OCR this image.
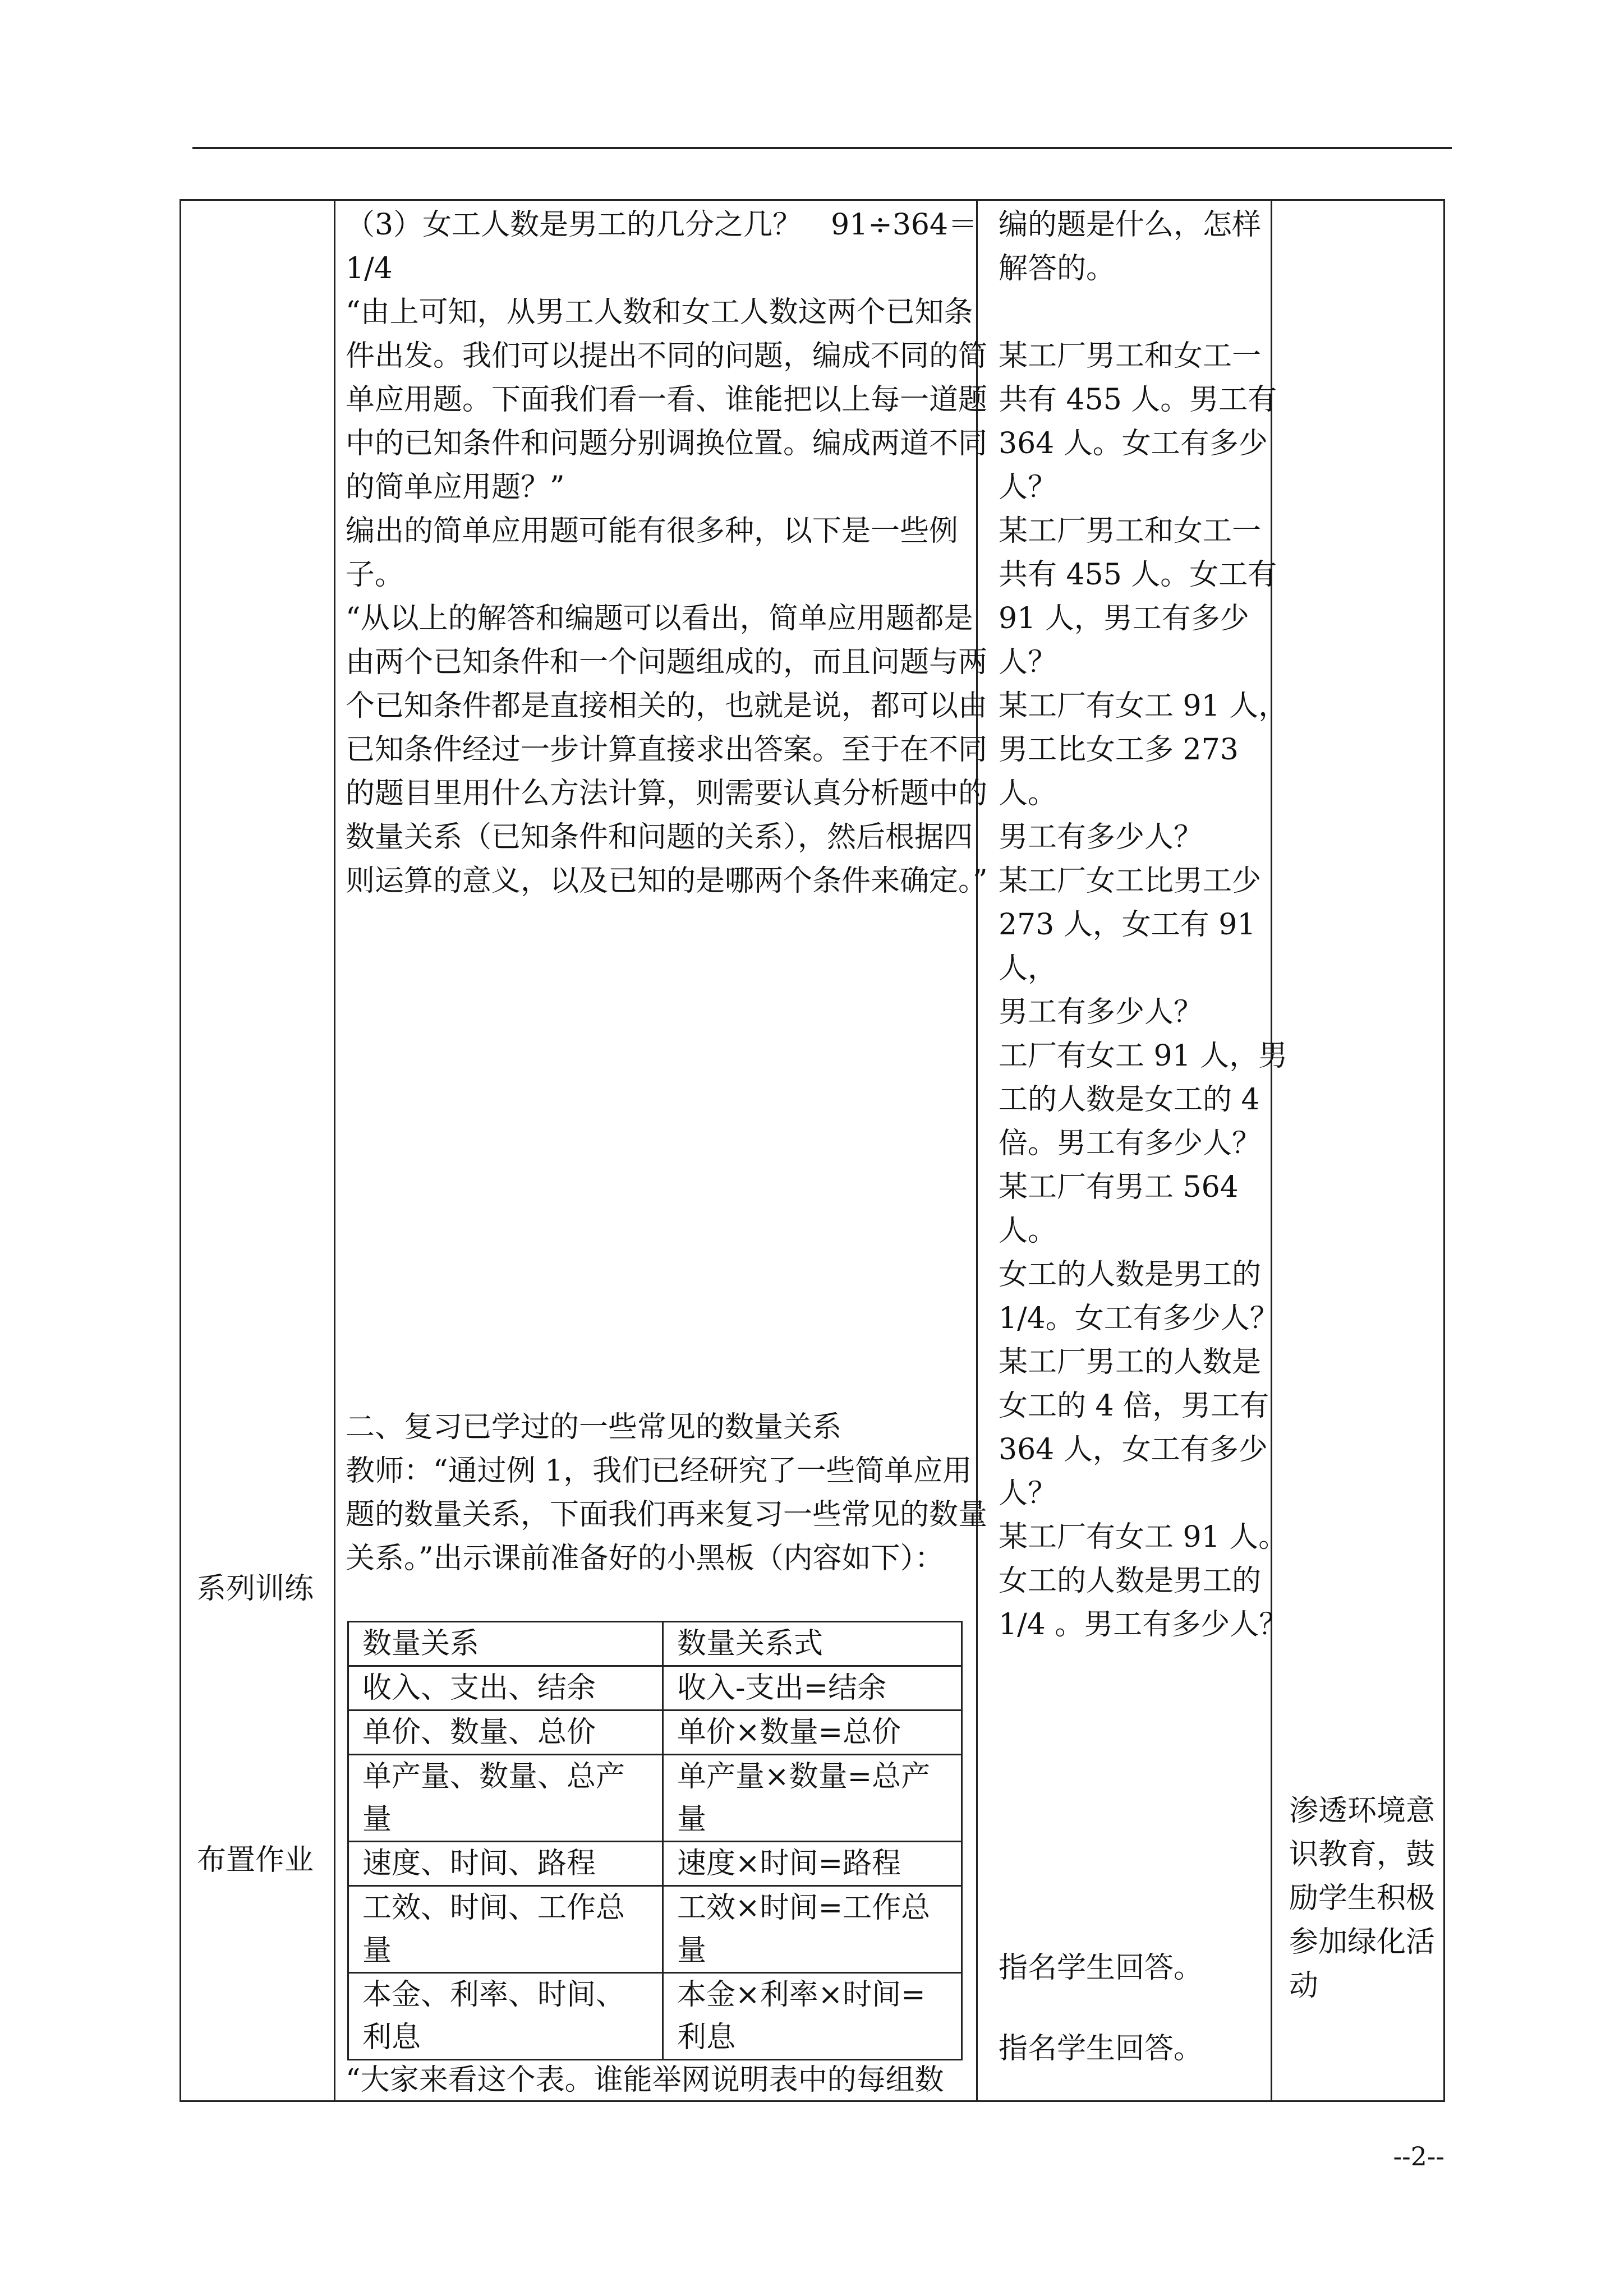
系列训练
布置作业

（3）女工人数是男工的几分之几？　91÷364＝1/4

“由上可知，从男工人数和女工人数这两个已知条件出发。我们可以提出不同的问题，编成不同的简单应用题。下面我们看一看、谁能把以上每一道题中的已知条件和问题分别调换位置。编成两道不同的简单应用题？”

编出的简单应用题可能有很多种，以下是一些例子。

“从以上的解答和编题可以看出，简单应用题都是由两个已知条件和一个问题组成的，而且问题与两个已知条件都是直接相关的，也就是说，都可以由已知条件经过一步计算直接求出答案。至于在不同的题目里用什么方法计算，则需要认真分析题中的数量关系（已知条件和问题的关系），然后根据四则运算的意义，以及已知的是哪两个条件来确定。”

二、复习已学过的一些常见的数量关系

教师：“通过例 1，我们已经研究了一些简单应用题的数量关系，下面我们再来复习一些常见的数量关系。”出示课前准备好的小黑板（内容如下）：

数量关系	数量关系式
收入、支出、结余	收入-支出=结余
单价、数量、总价	单价×数量=总价
单产量、数量、总产量	单产量×数量=总产量
速度、时间、路程	速度×时间=路程
工效、时间、工作总量	工效×时间=工作总量
本金、利率、时间、利息	本金×利率×时间=利息
“大家来看这个表。谁能举网说明表中的每组数
编的题是什么，怎样
解答的。
某工厂男工和女工一
共有 455 人。男工有
364 人。女工有多少
人？
某工厂男工和女工一
共有 455 人。女工有
91 人，男工有多少
人？
某工厂有女工 91 人，
男工比女工多 273 人。
男工有多少人？
某工厂女工比男工少
273 人，女工有 91 人，
男工有多少人？
工厂有女工 91 人，男
工的人数是女工的 4
倍。男工有多少人？
某工厂有男工 564 人。
女工的人数是男工的
1/4。女工有多少人？
某工厂男工的人数是
女工的 4 倍，男工有
364 人，女工有多少
人？
某工厂有女工 91 人。
女工的人数是男工的
1/4 。男工有多少人？
指名学生回答。
指名学生回答。
渗透环境意识教育，鼓励学生积极参加绿化活动
--2--
